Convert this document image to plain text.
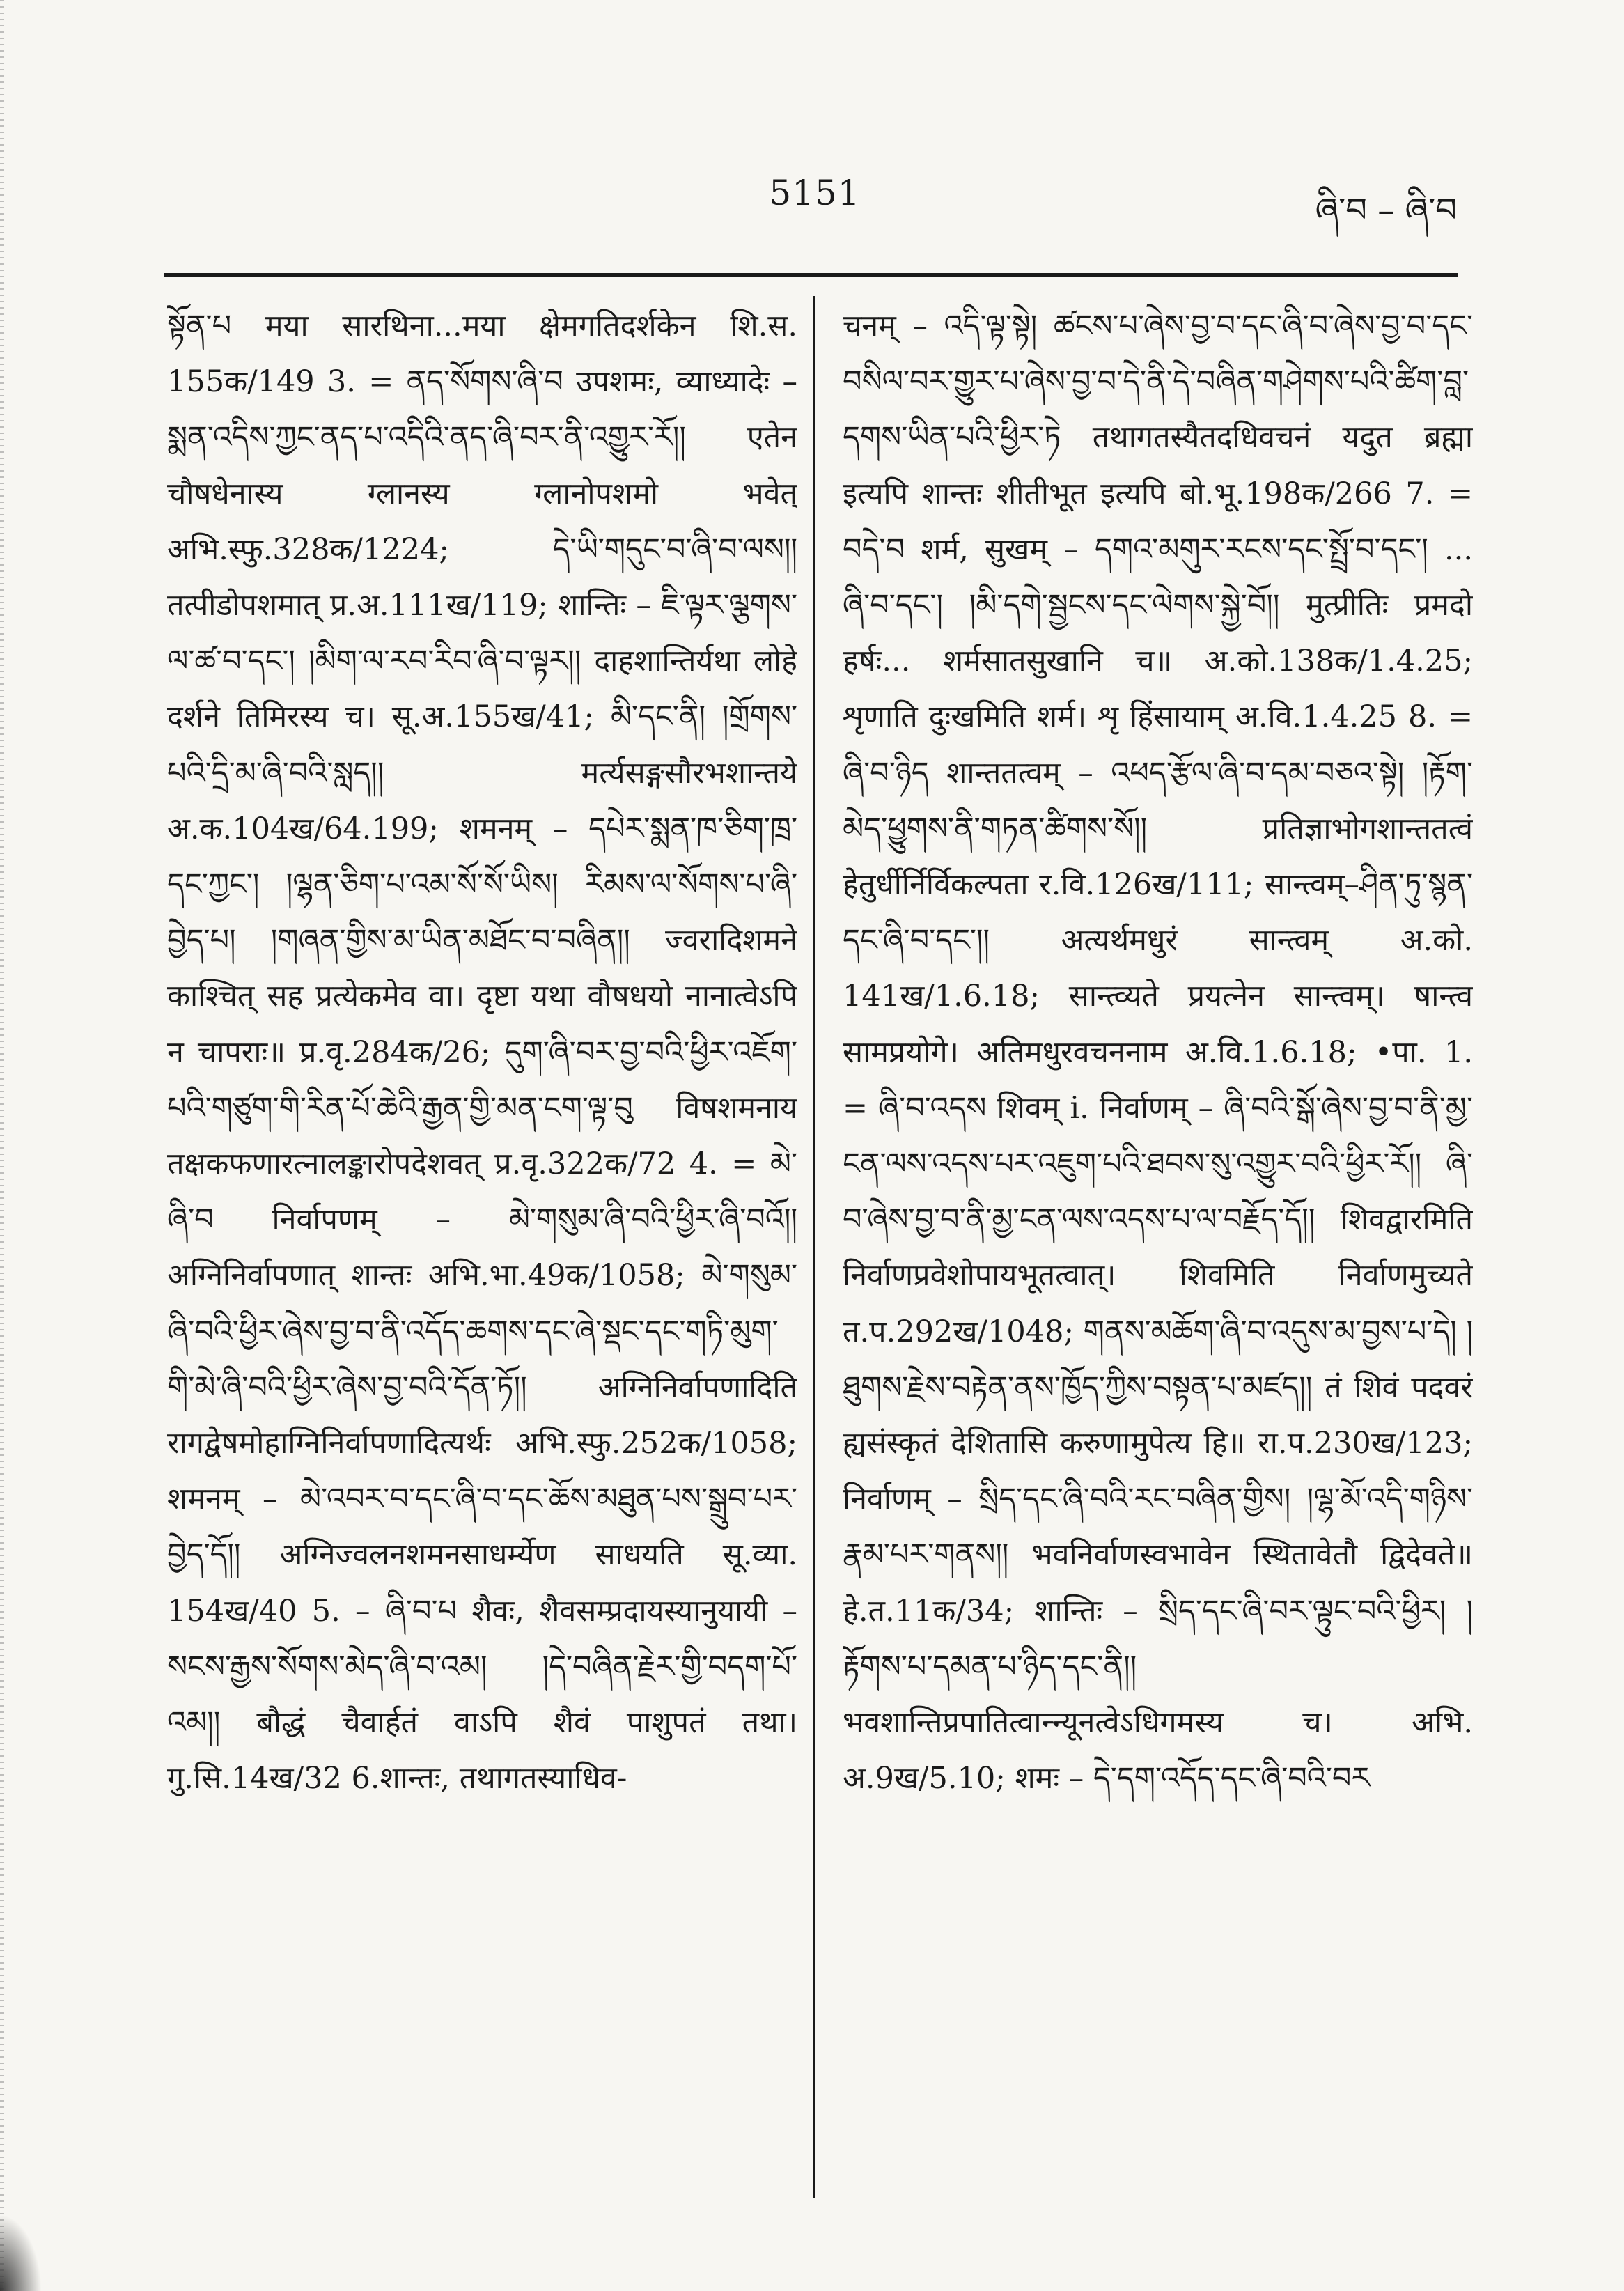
5151	ཞི་བ – ཞི་བ

སྟོན་པ मया सारथिना...मया क्षेमगतिदर्शकेन शि.स. 155क/149 3. = ནད་སོགས་ཞི་བ उपशमः, व्याध्यादेः – སྨན་འདིས་ཀྱང་ནད་པ་འདིའི་ནད་ཞི་བར་ནི་འགྱུར་རོ།། एतेन चौषधेनास्य ग्लानस्य ग्लानोपशमो भवेत् अभि.स्फु.328क/1224; དེ་ཡི་གདུང་བ་ཞི་བ་ལས།། तत्पीडोपशमात् प्र.अ.111ख/119; शान्तिः – ཇི་ལྟར་ལྕགས་ལ་ཚ་བ་དང་། །མིག་ལ་རབ་རིབ་ཞི་བ་ལྟར།། दाहशान्तिर्यथा लोहे दर्शने तिमिरस्य च। सू.अ.155ख/41; མི་དང་ནི། །གྲོགས་པའི་དྲི་མ་ཞི་བའི་སླད།། मर्त्यसङ्गसौरभशान्तये अ.क.104ख/64.199; शमनम् – དཔེར་སྨན་ཁ་ཅིག་ཁྲ་དང་ཀྱང་། །ལྷན་ཅིག་པ་འམ་སོ་སོ་ཡིས། རིམས་ལ་སོགས་པ་ཞི་བྱེད་པ། །གཞན་གྱིས་མ་ཡིན་མཐོང་བ་བཞིན།། ज्वरादिशमने काश्चित् सह प्रत्येकमेव वा। दृष्टा यथा वौषधयो नानात्वेऽपि न चापराः॥ प्र.वृ.284क/26; དུག་ཞི་བར་བྱ་བའི་ཕྱིར་འཇོག་པའི་གཙུག་གི་རིན་པོ་ཆེའི་རྒྱན་གྱི་མན་ངག་ལྟ་བུ विषशमनाय तक्षकफणारत्नालङ्कारोपदेशवत् प्र.वृ.322क/72 4. = མེ་ཞི་བ निर्वापणम् – མེ་གསུམ་ཞི་བའི་ཕྱིར་ཞི་བའོ།། अग्निनिर्वापणात् शान्तः अभि.भा.49क/1058; མེ་གསུམ་ཞི་བའི་ཕྱིར་ཞེས་བྱ་བ་ནི་འདོད་ཆགས་དང་ཞེ་སྡང་དང་གཏི་མུག་གི་མེ་ཞི་བའི་ཕྱིར་ཞེས་བྱ་བའི་དོན་ཏོ།། अग्निनिर्वापणादिति रागद्वेषमोहाग्निनिर्वापणादित्यर्थः अभि.स्फु.252क/1058; शमनम् – མེ་འབར་བ་དང་ཞི་བ་དང་ཆོས་མཐུན་པས་སྒྲུབ་པར་བྱེད་དོ།། अग्निज्वलनशमनसाधर्म्येण साधयति सू.व्या. 154ख/40 5. – ཞི་བ་པ शैवः, शैवसम्प्रदायस्यानुयायी – སངས་རྒྱས་སོགས་མེད་ཞི་བ་འམ། །དེ་བཞིན་རྗེར་གྱི་བདག་པོ་འམ།། बौद्धं चैवार्हतं वाऽपि शैवं पाशुपतं तथा। गु.सि.14ख/32 6.शान्तः, तथागतस्याधिव-

चनम् – འདི་ལྟ་སྟེ། ཚངས་པ་ཞེས་བྱ་བ་དང་ཞི་བ་ཞེས་བྱ་བ་དང་བསིལ་བར་གྱུར་པ་ཞེས་བྱ་བ་དེ་ནི་དེ་བཞིན་གཤེགས་པའི་ཚིག་བླ་དགས་ཡིན་པའི་ཕྱིར་ཏེ तथागतस्यैतदधिवचनं यदुत ब्रह्मा इत्यपि शान्तः शीतीभूत इत्यपि बो.भू.198क/266 7. = བདེ་བ शर्म, सुखम् – དགའ་མགུར་རངས་དང་སྤྲོ་བ་དང་། ... ཞི་བ་དང་། །མི་དགེ་སྦྱངས་དང་ལེགས་སྐྱེ་བོ།། मुत्प्रीतिः प्रमदो हर्षः... शर्मसातसुखानि च॥ अ.को.138क/1.4.25; शृणाति दुःखमिति शर्म। शृ हिंसायाम् अ.वि.1.4.25 8. = ཞི་བ་ཉིད शान्ततत्वम् – འཕད་རྩོལ་ཞི་བ་དམ་བཅའ་སྟེ། །རྟོག་མེད་ཕྱུགས་ནི་གཏན་ཚིགས་སོ།། प्रतिज्ञाभोगशान्ततत्वं हेतुर्धीर्निर्विकल्पता र.वि.126ख/111; सान्त्वम्–ཤིན་ཏུ་སྙན་དང་ཞི་བ་དང་།། अत्यर्थमधुरं सान्त्वम् अ.को. 141ख/1.6.18; सान्त्व्यते प्रयत्नेन सान्त्वम्। षान्त्व सामप्रयोगे। अतिमधुरवचननाम अ.वि.1.6.18; •पा. 1. = ཞི་བ་འདས शिवम् i. निर्वाणम् – ཞི་བའི་སྒོ་ཞེས་བྱ་བ་ནི་མྱ་ངན་ལས་འདས་པར་འཇུག་པའི་ཐབས་སུ་འགྱུར་བའི་ཕྱིར་རོ།། ཞི་བ་ཞེས་བྱ་བ་ནི་མྱ་ངན་ལས་འདས་པ་ལ་བརྗོད་དོ།། शिवद्वारमिति निर्वाणप्रवेशोपायभूतत्वात्। शिवमिति निर्वाणमुच्यते त.प.292ख/1048; གནས་མཆོག་ཞི་བ་འདུས་མ་བྱས་པ་དེ། །ཐུགས་རྗེས་བརྟེན་ནས་ཁྱོད་ཀྱིས་བསྟན་པ་མཛད།། तं शिवं पदवरं ह्यसंस्कृतं देशितासि करुणामुपेत्य हि॥ रा.प.230ख/123; निर्वाणम् – སྲིད་དང་ཞི་བའི་རང་བཞིན་གྱིས། །ལྷ་མོ་འདི་གཉིས་རྣམ་པར་གནས།། भवनिर्वाणस्वभावेन स्थितावेतौ द्विदेवते॥ हे.त.11क/34; शान्तिः – སྲིད་དང་ཞི་བར་ལྟུང་བའི་ཕྱིར། །རྟོགས་པ་དམན་པ་ཉིད་དང་ནི།། भवशान्तिप्रपातित्वान्न्यूनत्वेऽधिगमस्य च। अभि. अ.9ख/5.10; शमः – དེ་དག་འདོད་དང་ཞི་བའི་བར
